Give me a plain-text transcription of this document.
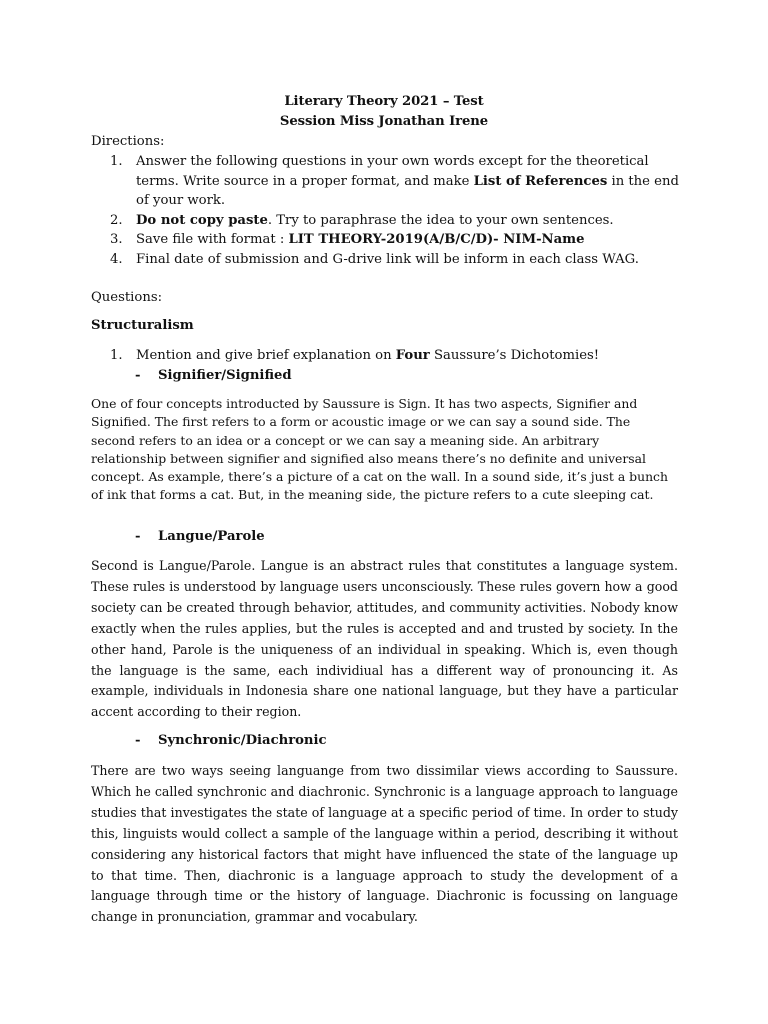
Literary Theory 2021 – Test
Session Miss Jonathan Irene
Directions:
1. Answer the following questions in your own words except for the theoretical terms. Write source in a proper format, and make List of References in the end of your work.
2. Do not copy paste. Try to paraphrase the idea to your own sentences.
3. Save file with format : LIT THEORY-2019(A/B/C/D)- NIM-Name
4. Final date of submission and G-drive link will be inform in each class WAG.
Questions:
Structuralism
1. Mention and give brief explanation on Four Saussure’s Dichotomies!
- Signifier/Signified
One of four concepts introducted by Saussure is Sign. It has two aspects, Signifier and Signified. The first refers to a form or acoustic image or we can say a sound side. The second refers to an idea or a concept or we can say a meaning side. An arbitrary relationship between signifier and signified also means there’s no definite and universal concept. As example, there’s a picture of a cat on the wall. In a sound side, it’s just a bunch of ink that forms a cat. But, in the meaning side, the picture refers to a cute sleeping cat.
- Langue/Parole
Second is Langue/Parole. Langue is an abstract rules that constitutes a language system. These rules is understood by language users unconsciously. These rules govern how a good society can be created through behavior, attitudes, and community activities. Nobody know exactly when the rules applies, but the rules is accepted and and trusted by society. In the other hand, Parole is the uniqueness of an individual in speaking. Which is, even though the language is the same, each individiual has a different way of pronouncing it. As example, individuals in Indonesia share one national language, but they have a particular accent according to their region.
- Synchronic/Diachronic
There are two ways seeing languange from two dissimilar views according to Saussure. Which he called synchronic and diachronic. Synchronic is a language approach to language studies that investigates the state of language at a specific period of time. In order to study this, linguists would collect a sample of the language within a period, describing it without considering any historical factors that might have influenced the state of the language up to that time. Then, diachronic is a language approach to study the development of a language through time or the history of language. Diachronic is focussing on language change in pronunciation, grammar and vocabulary.
